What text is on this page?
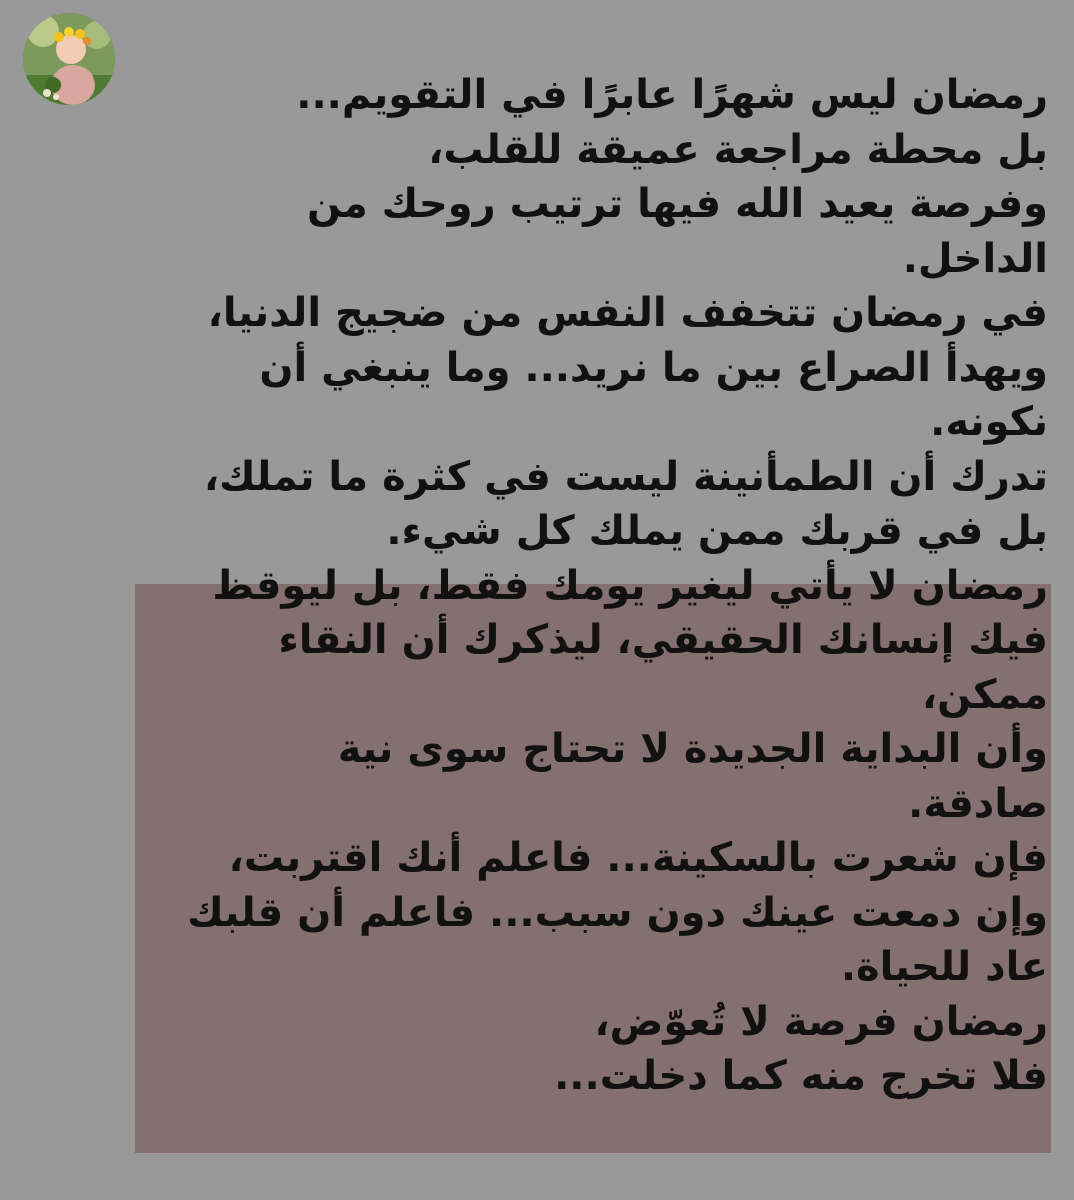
رمضان ليس شهرًا عابرًا في التقويم...
بل محطة مراجعة عميقة للقلب،
وفرصة يعيد الله فيها ترتيب روحك من
الداخل.
في رمضان تتخفف النفس من ضجيج الدنيا،
ويهدأ الصراع بين ما نريد... وما ينبغي أن
نكونه.
تدرك أن الطمأنينة ليست في كثرة ما تملك،
بل في قربك ممن يملك كل شيء.
رمضان لا يأتي ليغير يومك فقط، بل ليوقظ
فيك إنسانك الحقيقي، ليذكرك أن النقاء
ممكن،
وأن البداية الجديدة لا تحتاج سوى نية
صادقة.
فإن شعرت بالسكينة... فاعلم أنك اقتربت،
وإن دمعت عينك دون سبب... فاعلم أن قلبك
عاد للحياة.
رمضان فرصة لا تُعوّض،
فلا تخرج منه كما دخلت...
